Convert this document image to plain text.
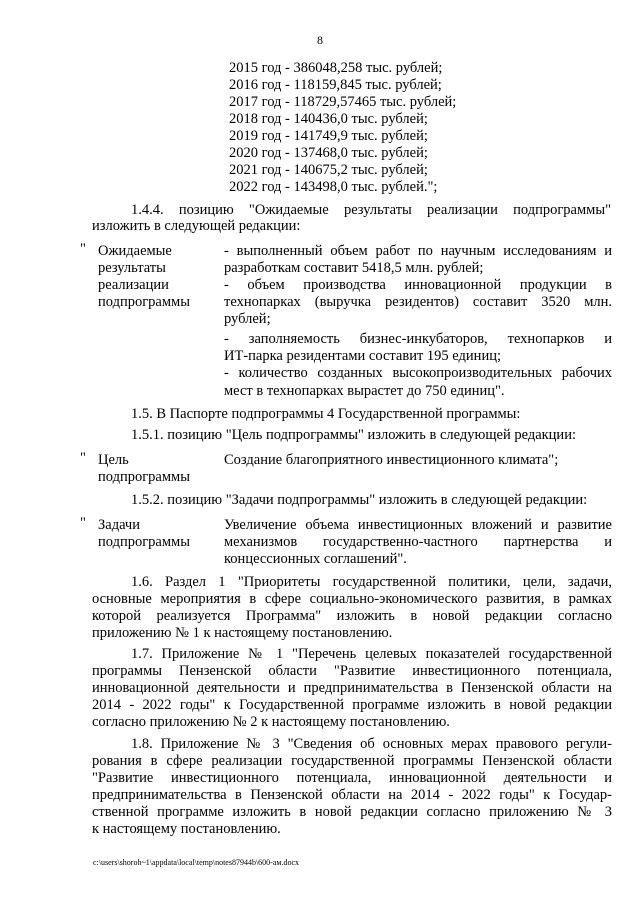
8
2015 год - 386048,258 тыс. рублей;
2016 год - 118159,845 тыс. рублей;
2017 год - 118729,57465 тыс. рублей;
2018 год - 140436,0 тыс. рублей;
2019 год - 141749,9 тыс. рублей;
2020 год - 137468,0 тыс. рублей;
2021 год - 140675,2 тыс. рублей;
2022 год - 143498,0 тыс. рублей.";
1.4.4. позицию "Ожидаемые результаты реализации подпрограммы"
изложить в следующей редакции:
" Ожидаемые
результаты
реализации
подпрограммы
- выполненный объем работ по научным исследованиям и
разработкам составит 5418,5 млн. рублей;
- объем производства инновационной продукции в
технопарках (выручка резидентов) составит 3520 млн.
рублей;
- заполняемость бизнес-инкубаторов, технопарков и
ИТ-парка резидентами составит 195 единиц;
- количество созданных высокопроизводительных рабочих
мест в технопарках вырастет до 750 единиц".
1.5. В Паспорте подпрограммы 4 Государственной программы:
1.5.1. позицию "Цель подпрограммы" изложить в следующей редакции:
" Цель
подпрограммы
Создание благоприятного инвестиционного климата";
1.5.2. позицию "Задачи подпрограммы" изложить в следующей редакции:
" Задачи
подпрограммы
Увеличение объема инвестиционных вложений и развитие
механизмов государственно-частного партнерства и
концессионных соглашений".
1.6. Раздел 1 "Приоритеты государственной политики, цели, задачи,
основные мероприятия в сфере социально-экономического развития, в рамках
которой реализуется Программа" изложить в новой редакции согласно
приложению № 1 к настоящему постановлению.
1.7. Приложение № 1 "Перечень целевых показателей государственной
программы Пензенской области "Развитие инвестиционного потенциала,
инновационной деятельности и предпринимательства в Пензенской области на
2014 - 2022 годы" к Государственной программе изложить в новой редакции
согласно приложению № 2 к настоящему постановлению.
1.8. Приложение № 3 "Сведения об основных мерах правового регули-
рования в сфере реализации государственной программы Пензенской области
"Развитие инвестиционного потенциала, инновационной деятельности и
предпринимательства в Пензенской области на 2014 - 2022 годы" к Государ-
ственной программе изложить в новой редакции согласно приложению № 3
к настоящему постановлению.
c:\users\shoroh~1\appdata\local\temp\notes87944b\600-ам.docx
